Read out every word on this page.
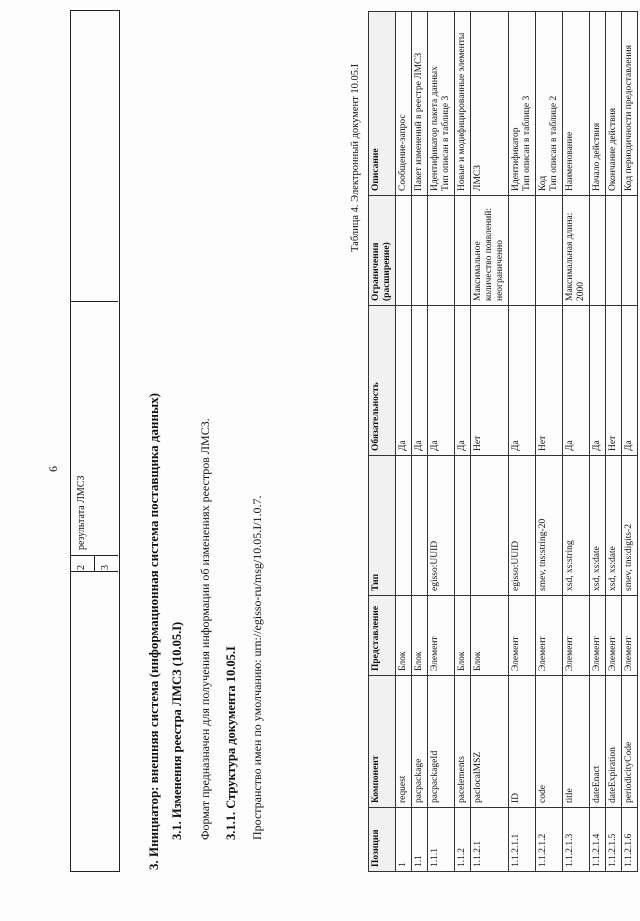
6
2 3
результата ЛМСЗ	3. Инициатор: внешняя система (информационная система поставщика данных) 3.1. Изменения реестра ЛМСЗ (10.05.I) Формат предназначен для получения информации об изменениях реестров ЛМСЗ. 3.1.1. Структура документа 10.05.I Пространство имен по умолчанию: urn://egisso-ru/msg/10.05.I/1.0.7.
Таблица 4. Электронный документ 10.05.I
Позиция	Компонент	Представление	Тип	Обязательность	Ограничения (расширение)	Описание
1	request	Блок		Да		Сообщение-запрос

1.1	pacpackage	Блок		Да		Пакет изменений в реестре ЛМСЗ

1.1.1	pacpackageId	Элемент	egisso:UUID	Да		Идентификатор пакета данных Тип описан в таблице 3

1.1.2	pacelements	Блок		Да		Новые и модифицированные элементы

1.1.2.1	paclocalMSZ	Блок		Нет	Максимальное количество появлений: неограниченно	ЛМСЗ

1.1.2.1.1	ID	Элемент	egisso:UUID	Да		Идентификатор Тип описан в таблице 3

1.1.2.1.2	code	Элемент	smev, tns:string-20	Нет		Код Тип описан в таблице 2

1.1.2.1.3	title	Элемент	xsd, xs:string	Да	Максимальная длина: 2000	Наименование

1.1.2.1.4	dateEnact	Элемент	xsd, xs:date	Да		Начало действия

1.1.2.1.5	dateExpiration	Элемент	xsd, xs:date	Нет		Окончание действия

1.1.2.1.6	periodicityCode	Элемент	smev, tns:digits-2	Да		Код периодичности предоставления
